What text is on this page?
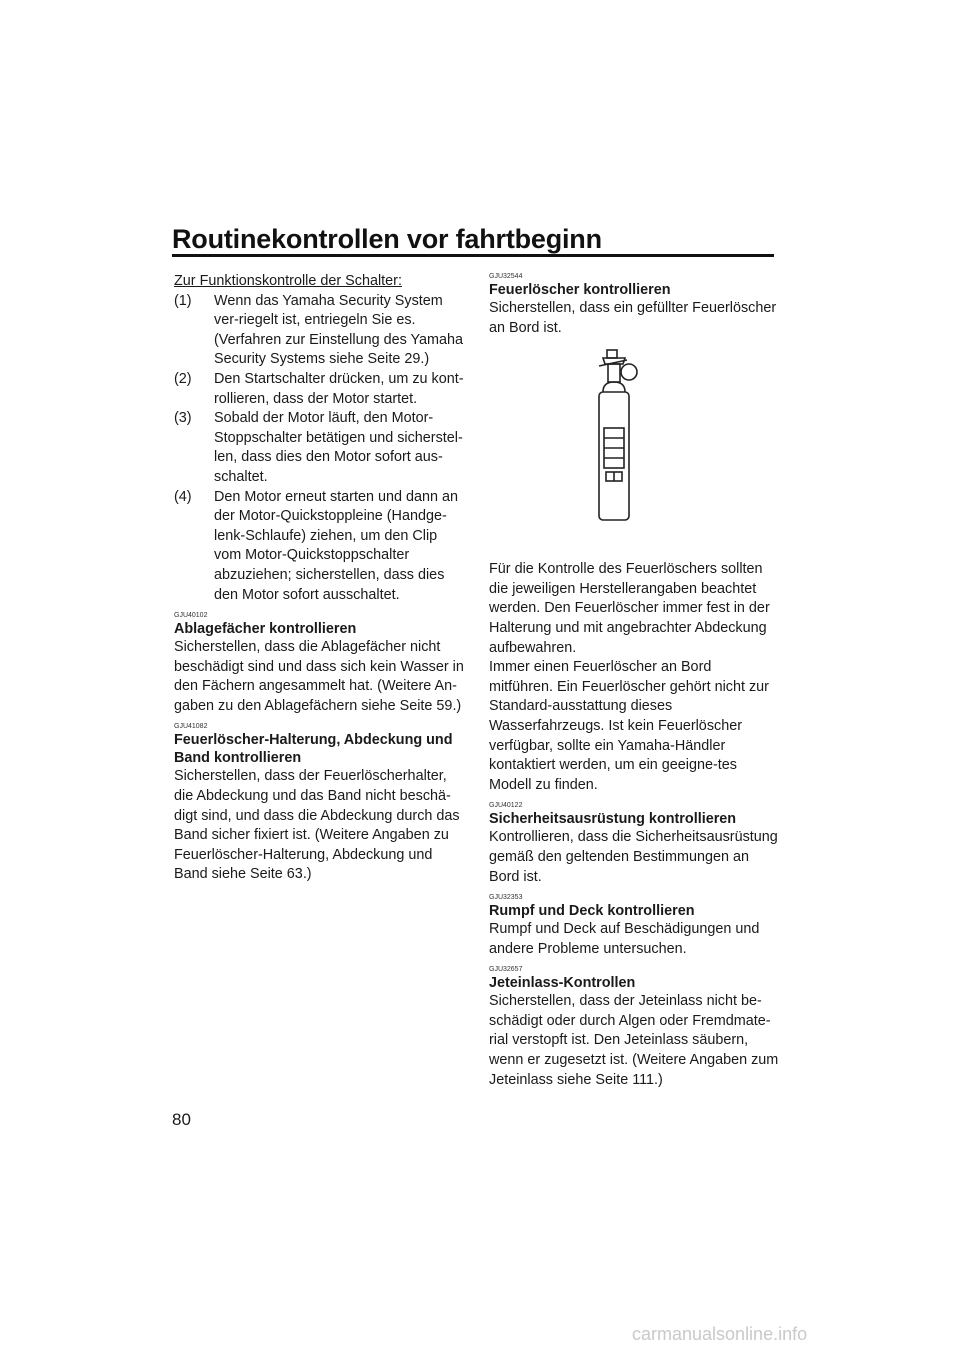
Routinekontrollen vor fahrtbeginn
Zur Funktionskontrolle der Schalter:
(1) Wenn das Yamaha Security System ver-riegelt ist, entriegeln Sie es. (Verfahren zur Einstellung des Yamaha Security Systems siehe Seite 29.)
(2) Den Startschalter drücken, um zu kont-rollieren, dass der Motor startet.
(3) Sobald der Motor läuft, den Motor-Stoppschalter betätigen und sicherstel-len, dass dies den Motor sofort aus-schaltet.
(4) Den Motor erneut starten und dann an der Motor-Quickstoppleine (Handge-lenk-Schlaufe) ziehen, um den Clip vom Motor-Quickstoppschalter abzuziehen; sicherstellen, dass dies den Motor sofort ausschaltet.
GJU40102
Ablagefächer kontrollieren

Sicherstellen, dass die Ablagefächer nicht beschädigt sind und dass sich kein Wasser in den Fächern angesammelt hat. (Weitere An-gaben zu den Ablagefächern siehe Seite 59.)

GJU41082
Feuerlöscher-Halterung, Abdeckung und Band kontrollieren

Sicherstellen, dass der Feuerlöscherhalter, die Abdeckung und das Band nicht beschä-digt sind, und dass die Abdeckung durch das Band sicher fixiert ist. (Weitere Angaben zu Feuerlöscher-Halterung, Abdeckung und Band siehe Seite 63.)

GJU32544
Feuerlöscher kontrollieren

Sicherstellen, dass ein gefüllter Feuerlöscher an Bord ist.

Für die Kontrolle des Feuerlöschers sollten die jeweiligen Herstellerangaben beachtet werden. Den Feuerlöscher immer fest in der Halterung und mit angebrachter Abdeckung aufbewahren.

Immer einen Feuerlöscher an Bord mitführen. Ein Feuerlöscher gehört nicht zur Standard-ausstattung dieses Wasserfahrzeugs. Ist kein Feuerlöscher verfügbar, sollte ein Yamaha-Händler kontaktiert werden, um ein geeigne-tes Modell zu finden.

GJU40122
Sicherheitsausrüstung kontrollieren

Kontrollieren, dass die Sicherheitsausrüstung gemäß den geltenden Bestimmungen an Bord ist.

GJU32353
Rumpf und Deck kontrollieren

Rumpf und Deck auf Beschädigungen und andere Probleme untersuchen.

GJU32657
Jeteinlass-Kontrollen

Sicherstellen, dass der Jeteinlass nicht be-schädigt oder durch Algen oder Fremdmate-rial verstopft ist. Den Jeteinlass säubern, wenn er zugesetzt ist. (Weitere Angaben zum Jeteinlass siehe Seite 111.)

80
carmanualsonline.info
